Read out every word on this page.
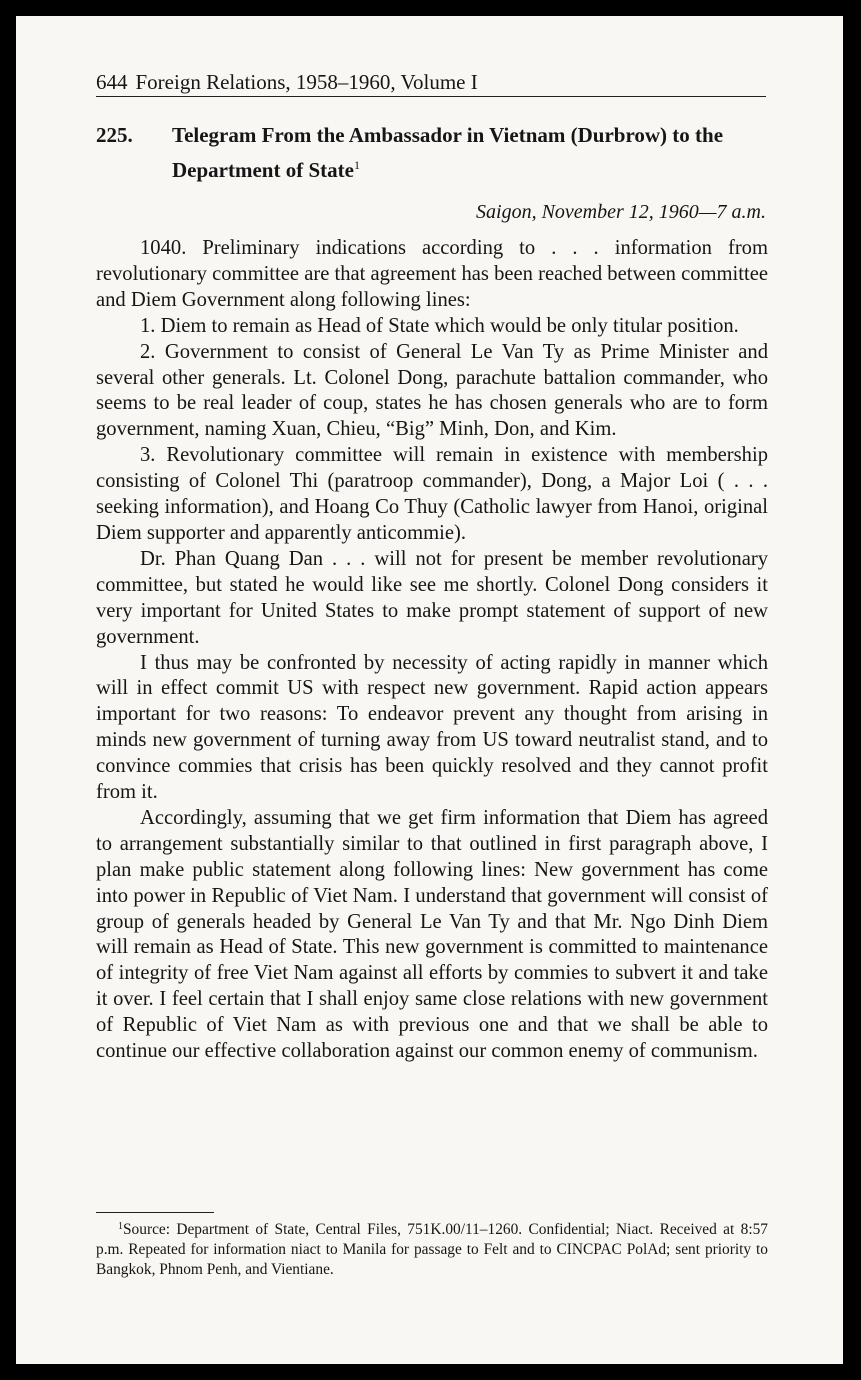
644 Foreign Relations, 1958–1960, Volume I
225. Telegram From the Ambassador in Vietnam (Durbrow) to the Department of State$^1$
Saigon, November 12, 1960—7 a.m.

1040. Preliminary indications according to . . . information from revolutionary committee are that agreement has been reached between committee and Diem Government along following lines:

1. Diem to remain as Head of State which would be only titular position.

2. Government to consist of General Le Van Ty as Prime Minister and several other generals. Lt. Colonel Dong, parachute battalion commander, who seems to be real leader of coup, states he has chosen generals who are to form government, naming Xuan, Chieu, “Big” Minh, Don, and Kim.

3. Revolutionary committee will remain in existence with membership consisting of Colonel Thi (paratroop commander), Dong, a Major Loi ( . . . seeking information), and Hoang Co Thuy (Catholic lawyer from Hanoi, original Diem supporter and apparently anticommie).

Dr. Phan Quang Dan . . . will not for present be member revolutionary committee, but stated he would like see me shortly. Colonel Dong considers it very important for United States to make prompt statement of support of new government.

I thus may be confronted by necessity of acting rapidly in manner which will in effect commit US with respect new government. Rapid action appears important for two reasons: To endeavor prevent any thought from arising in minds new government of turning away from US toward neutralist stand, and to convince commies that crisis has been quickly resolved and they cannot profit from it.

Accordingly, assuming that we get firm information that Diem has agreed to arrangement substantially similar to that outlined in first paragraph above, I plan make public statement along following lines: New government has come into power in Republic of Viet Nam. I understand that government will consist of group of generals headed by General Le Van Ty and that Mr. Ngo Dinh Diem will remain as Head of State. This new government is committed to maintenance of integrity of free Viet Nam against all efforts by commies to subvert it and take it over. I feel certain that I shall enjoy same close relations with new government of Republic of Viet Nam as with previous one and that we shall be able to continue our effective collaboration against our common enemy of communism.

$^1$Source: Department of State, Central Files, 751K.00/11–1260. Confidential; Niact. Received at 8:57 p.m. Repeated for information niact to Manila for passage to Felt and to CINCPAC PolAd; sent priority to Bangkok, Phnom Penh, and Vientiane.
